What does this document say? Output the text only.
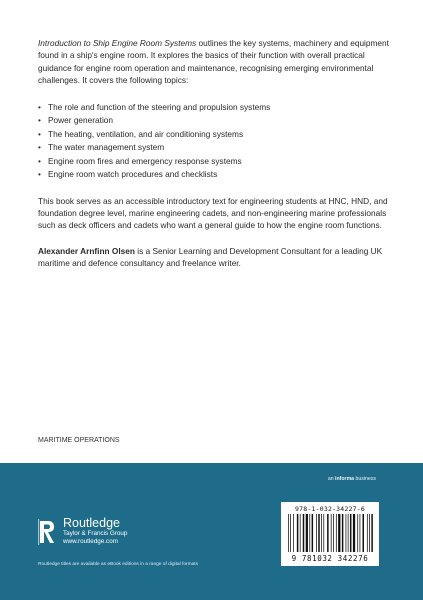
Introduction to Ship Engine Room Systems outlines the key systems, machinery and equipment found in a ship's engine room. It explores the basics of their function with overall practical guidance for engine room operation and maintenance, recognising emerging environmental challenges. It covers the following topics:

• The role and function of the steering and propulsion systems
• Power generation
• The heating, ventilation, and air conditioning systems
• The water management system
• Engine room fires and emergency response systems
• Engine room watch procedures and checklists

This book serves as an accessible introductory text for engineering students at HNC, HND, and foundation degree level, marine engineering cadets, and non-engineering marine professionals such as deck officers and cadets who want a general guide to how the engine room functions.

Alexander Arnfinn Olsen is a Senior Learning and Development Consultant for a leading UK maritime and defence consultancy and freelance writer.

MARITIME OPERATIONS
an informa business
Routledge
Taylor & Francis Group
www.routledge.com
Routledge titles are available as eBook editions in a range of digital formats
978-1-032-34227-6
9 781032 342276
